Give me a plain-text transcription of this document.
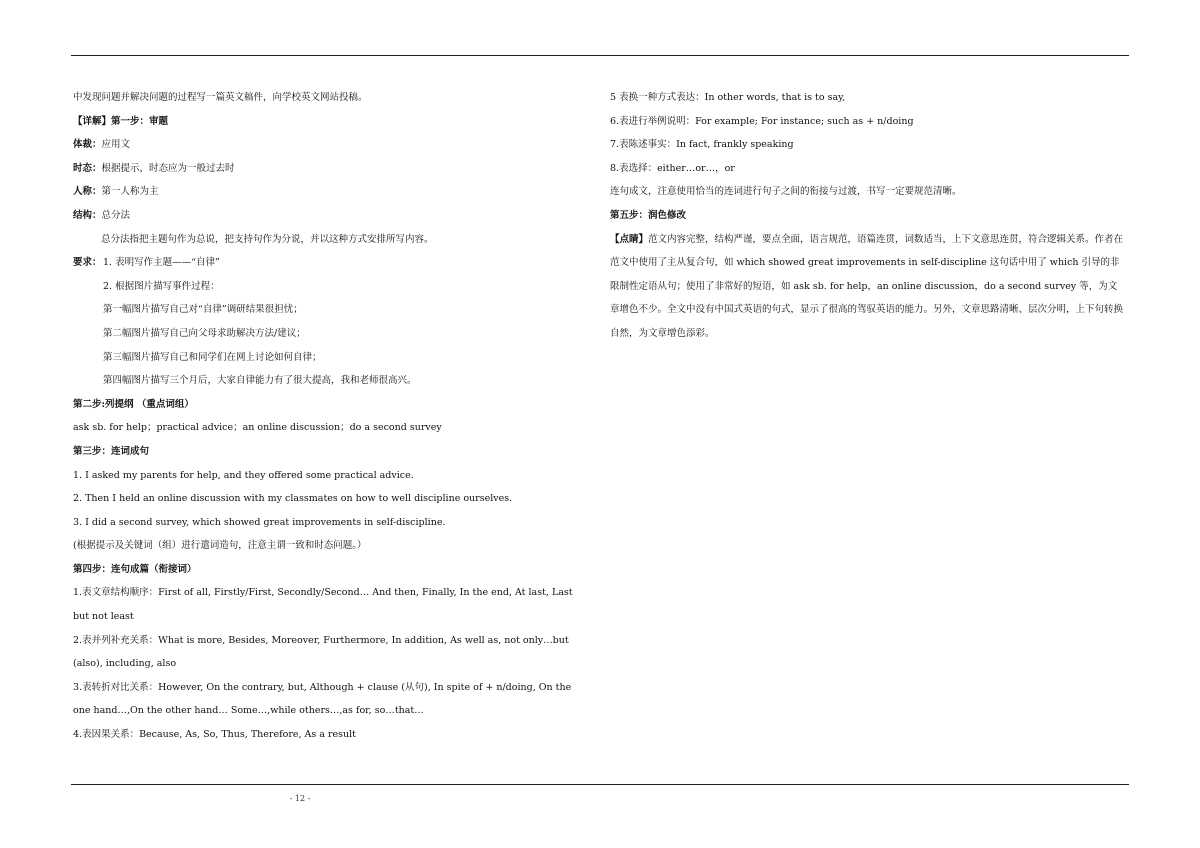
中发现问题并解决问题的过程写一篇英文稿件，向学校英文网站投稿。
【详解】第一步：审题
体裁：应用文
时态：根据提示，时态应为一般过去时
人称：第一人称为主
结构：总分法
总分法指把主题句作为总说，把支持句作为分说，并以这种方式安排所写内容。
要求： 1. 表明写作主题——“自律”
2. 根据图片描写事件过程：
第一幅图片描写自己对“自律”调研结果很担忧；
第二幅图片描写自己向父母求助解决方法/建议；
第三幅图片描写自己和同学们在网上讨论如何自律；
第四幅图片描写三个月后，大家自律能力有了很大提高，我和老师很高兴。
第二步:列提纲 （重点词组）
ask sb. for help；practical advice；an online discussion；do a second survey
第三步：连词成句
1. I asked my parents for help, and they offered some practical advice.
2. Then I held an online discussion with my classmates on how to well discipline ourselves.
3. I did a second survey, which showed great improvements in self-discipline.
(根据提示及关键词（组）进行遣词造句，注意主谓一致和时态问题。）
第四步：连句成篇（衔接词）
1.表文章结构顺序：First of all, Firstly/First, Secondly/Second… And then, Finally, In the end, At last, Last but not least
2.表并列补充关系：What is more, Besides, Moreover, Furthermore, In addition, As well as, not only…but (also), including, also
3.表转折对比关系：However, On the contrary, but, Although + clause (从句), In spite of + n/doing, On the one hand…,On the other hand… Some…,while others…,as for, so…that…
4.表因果关系：Because, As, So, Thus, Therefore, As a result
5 表换一种方式表达：In other words, that is to say,
6.表进行举例说明：For example; For instance; such as + n/doing
7.表陈述事实：In fact, frankly speaking
8.表选择：either…or…，or
连句成文，注意使用恰当的连词进行句子之间的衔接与过渡，书写一定要规范清晰。
第五步：润色修改
【点睛】范文内容完整，结构严谨，要点全面，语言规范，语篇连贯，词数适当，上下文意思连贯，符合逻辑关系。作者在范文中使用了主从复合句，如 which showed great improvements in self-discipline 这句话中用了 which 引导的非限制性定语从句；使用了非常好的短语，如 ask sb. for help，an online discussion，do a second survey 等，为文章增色不少。全文中没有中国式英语的句式，显示了很高的驾驭英语的能力。另外，文章思路清晰、层次分明，上下句转换自然，为文章增色添彩。
- 12 -
